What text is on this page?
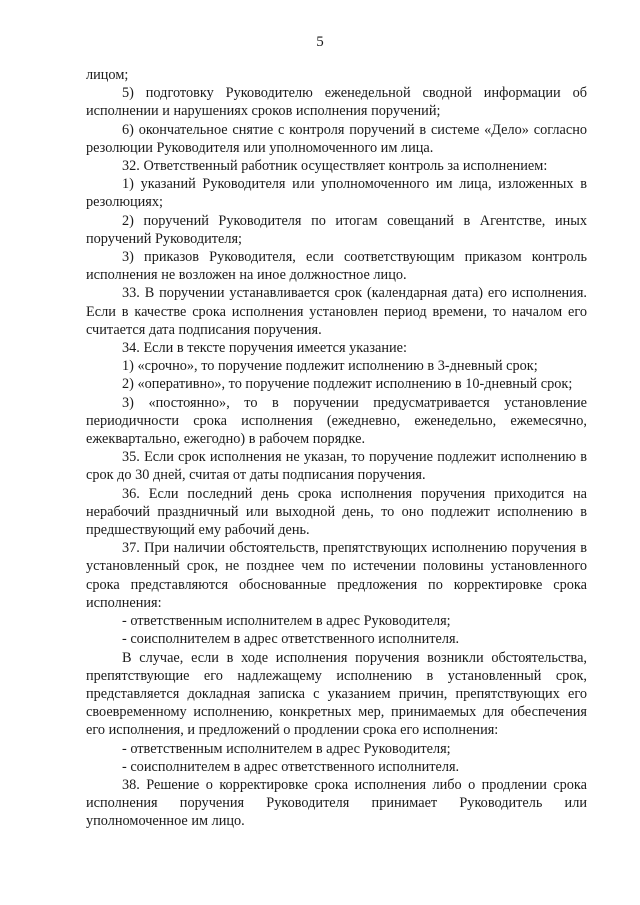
5

лицом;

5) подготовку Руководителю еженедельной сводной информации об исполнении и нарушениях сроков исполнения поручений;

6) окончательное снятие с контроля поручений в системе «Дело» согласно резолюции Руководителя или уполномоченного им лица.

32. Ответственный работник осуществляет контроль за исполнением:

1) указаний Руководителя или уполномоченного им лица, изложенных в резолюциях;

2) поручений Руководителя по итогам совещаний в Агентстве, иных поручений Руководителя;

3) приказов Руководителя, если соответствующим приказом контроль исполнения не возложен на иное должностное лицо.

33. В поручении устанавливается срок (календарная дата) его исполнения. Если в качестве срока исполнения установлен период времени, то началом его считается дата подписания поручения.

34. Если в тексте поручения имеется указание:

1) «срочно», то поручение подлежит исполнению в 3-дневный срок;

2) «оперативно», то поручение подлежит исполнению в 10-дневный срок;

3) «постоянно», то в поручении предусматривается установление периодичности срока исполнения (ежедневно, еженедельно, ежемесячно, ежеквартально, ежегодно) в рабочем порядке.

35. Если срок исполнения не указан, то поручение подлежит исполнению в срок до 30 дней, считая от даты подписания поручения.

36. Если последний день срока исполнения поручения приходится на нерабочий праздничный или выходной день, то оно подлежит исполнению в предшествующий ему рабочий день.

37. При наличии обстоятельств, препятствующих исполнению поручения в установленный срок, не позднее чем по истечении половины установленного срока представляются обоснованные предложения по корректировке срока исполнения:

- ответственным исполнителем в адрес Руководителя;

- соисполнителем в адрес ответственного исполнителя.

В случае, если в ходе исполнения поручения возникли обстоятельства, препятствующие его надлежащему исполнению в установленный срок, представляется докладная записка с указанием причин, препятствующих его своевременному исполнению, конкретных мер, принимаемых для обеспечения его исполнения, и предложений о продлении срока его исполнения:

- ответственным исполнителем в адрес Руководителя;

- соисполнителем в адрес ответственного исполнителя.

38. Решение о корректировке срока исполнения либо о продлении срока исполнения поручения Руководителя принимает Руководитель или уполномоченное им лицо.
